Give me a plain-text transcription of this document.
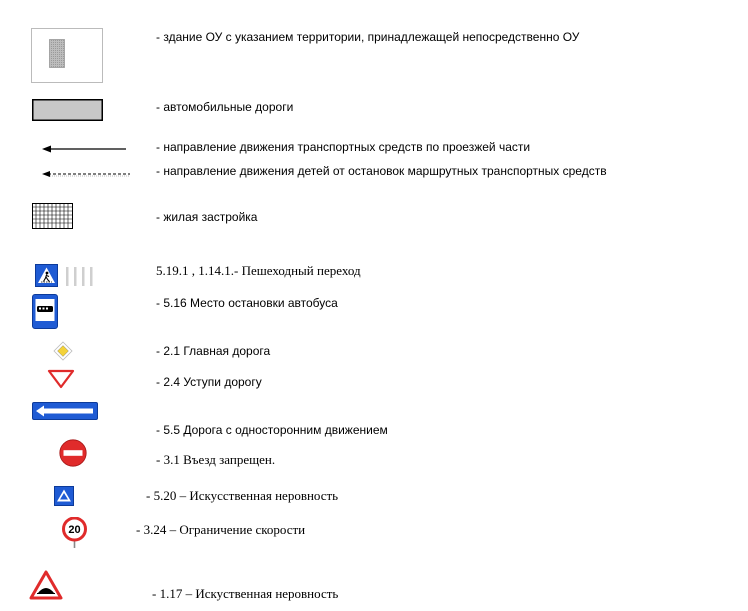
- здание ОУ с указанием территории, принадлежащей непосредственно ОУ
- автомобильные дороги
- направление движения транспортных средств по проезжей части
- направление движения детей от остановок маршрутных транспортных средств
- жилая застройка
5.19.1 , 1.14.1.- Пешеходный переход
- 5.16 Место остановки автобуса
- 2.1 Главная дорога
- 2.4 Уступи дорогу
- 5.5 Дорога с односторонним движением
- 3.1 Въезд запрещен.
- 5.20 – Искусственная неровность
20	- 3.24 – Ограничение скорости
- 1.17 – Искуственная неровность
